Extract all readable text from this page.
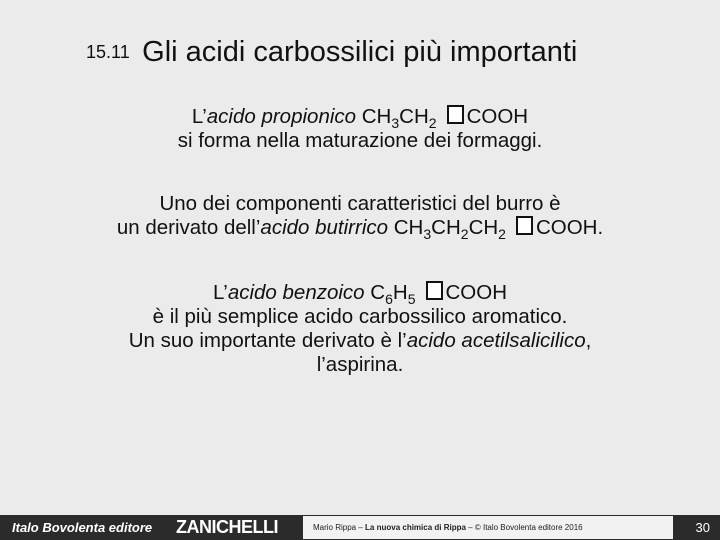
15.11 Gli acidi carbossilici più importanti
L’acido propionico $CH_3CH_2$ COOH
si forma nella maturazione dei formaggi.
Uno dei componenti caratteristici del burro è
un derivato dell’acido butirrico $CH_3CH_2CH_2$ COOH.
L’acido benzoico $C_6H_5$ COOH
è il più semplice acido carbossilico aromatico.
Un suo importante derivato è l’acido acetilsalicilico,
l’aspirina.
Italo Bovolenta editore ZANICHELLI	Mario Rippa – La nuova chimica di Rippa – © Italo Bovolenta editore 2016	30
